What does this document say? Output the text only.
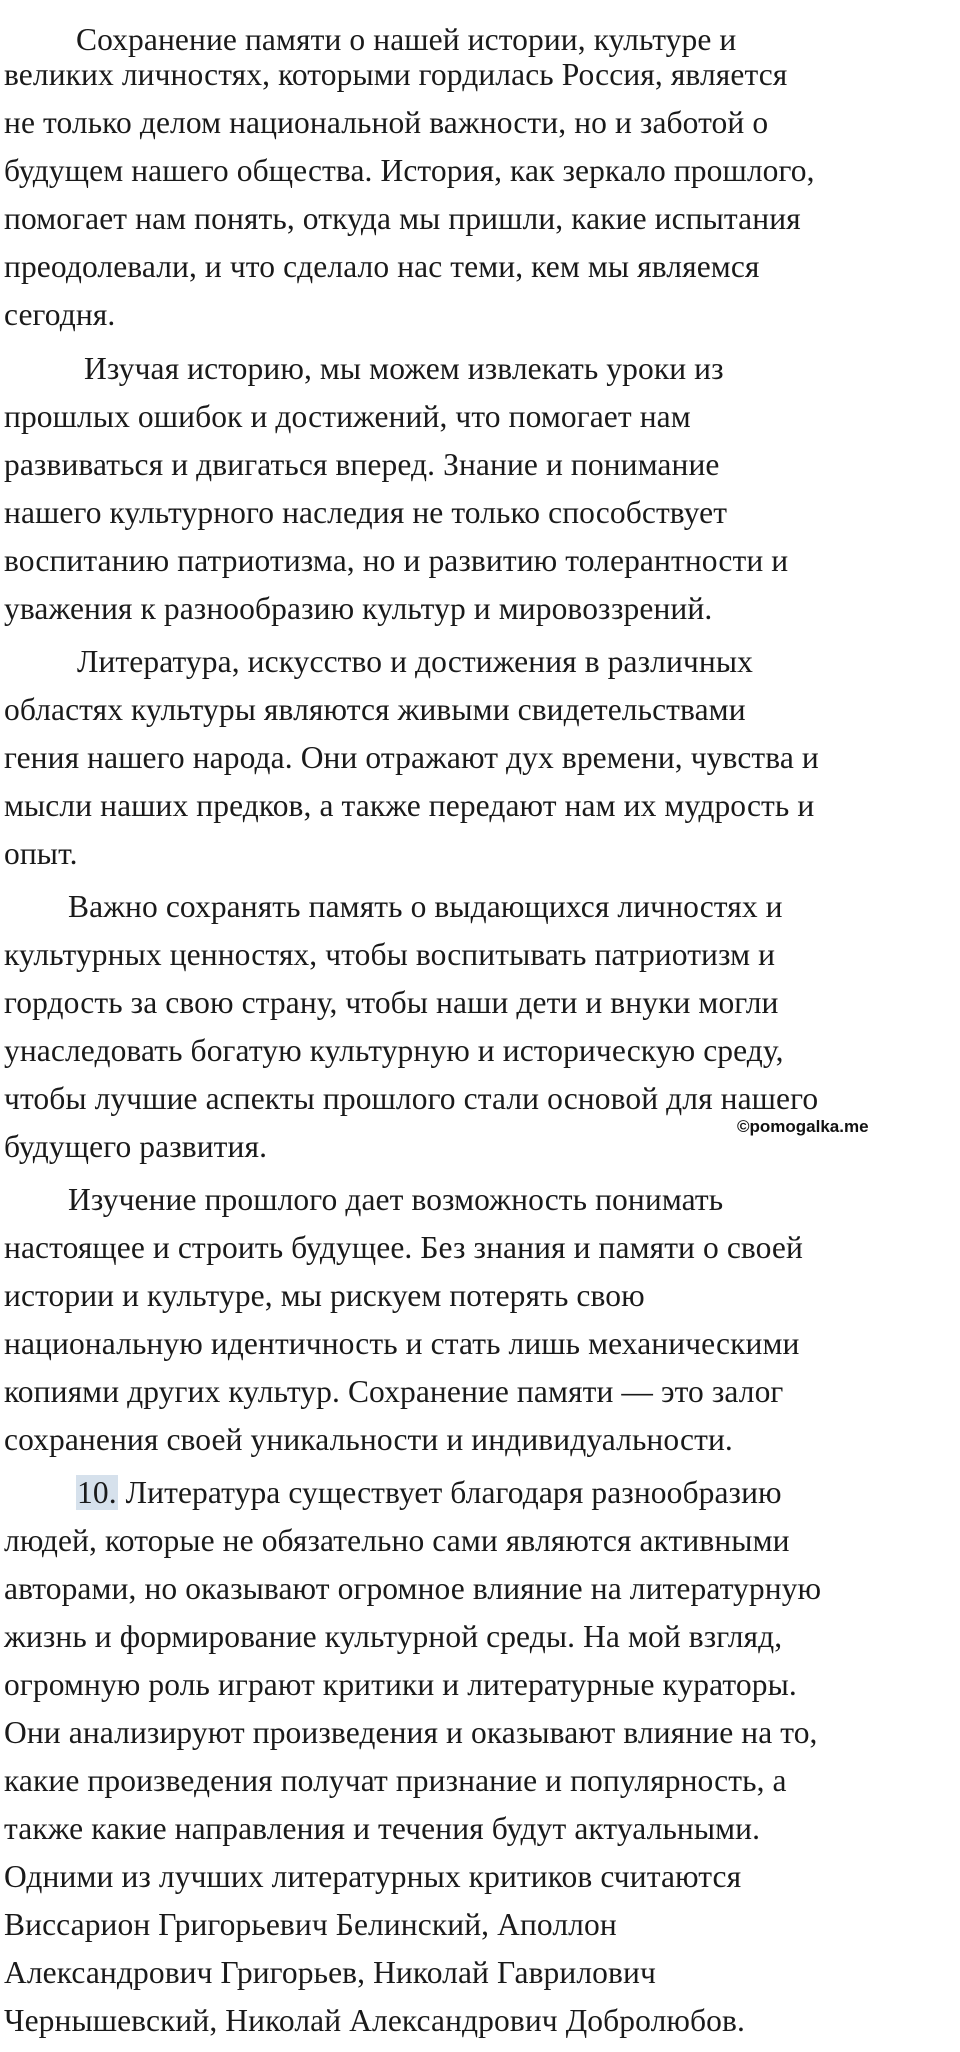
Сохранение памяти о нашей истории, культуре и
великих личностях, которыми гордилась Россия, является
не только делом национальной важности, но и заботой о
будущем нашего общества. История, как зеркало прошлого,
помогает нам понять, откуда мы пришли, какие испытания
преодолевали, и что сделало нас теми, кем мы являемся
сегодня.
Изучая историю, мы можем извлекать уроки из
прошлых ошибок и достижений, что помогает нам
развиваться и двигаться вперед. Знание и понимание
нашего культурного наследия не только способствует
воспитанию патриотизма, но и развитию толерантности и
уважения к разнообразию культур и мировоззрений.
Литература, искусство и достижения в различных
областях культуры являются живыми свидетельствами
гения нашего народа. Они отражают дух времени, чувства и
мысли наших предков, а также передают нам их мудрость и
опыт.
Важно сохранять память о выдающихся личностях и
культурных ценностях, чтобы воспитывать патриотизм и
гордость за свою страну, чтобы наши дети и внуки могли
унаследовать богатую культурную и историческую среду,
чтобы лучшие аспекты прошлого стали основой для нашего
будущего развития.
Изучение прошлого дает возможность понимать
настоящее и строить будущее. Без знания и памяти о своей
истории и культуре, мы рискуем потерять свою
национальную идентичность и стать лишь механическими
копиями других культур. Сохранение памяти — это залог
сохранения своей уникальности и индивидуальности.
10. Литература существует благодаря разнообразию
людей, которые не обязательно сами являются активными
авторами, но оказывают огромное влияние на литературную
жизнь и формирование культурной среды. На мой взгляд,
огромную роль играют критики и литературные кураторы.
Они анализируют произведения и оказывают влияние на то,
какие произведения получат признание и популярность, а
также какие направления и течения будут актуальными.
Одними из лучших литературных критиков считаются
Виссарион Григорьевич Белинский, Аполлон
Александрович Григорьев, Николай Гаврилович
Чернышевский, Николай Александрович Добролюбов.
©pomogalka.me
